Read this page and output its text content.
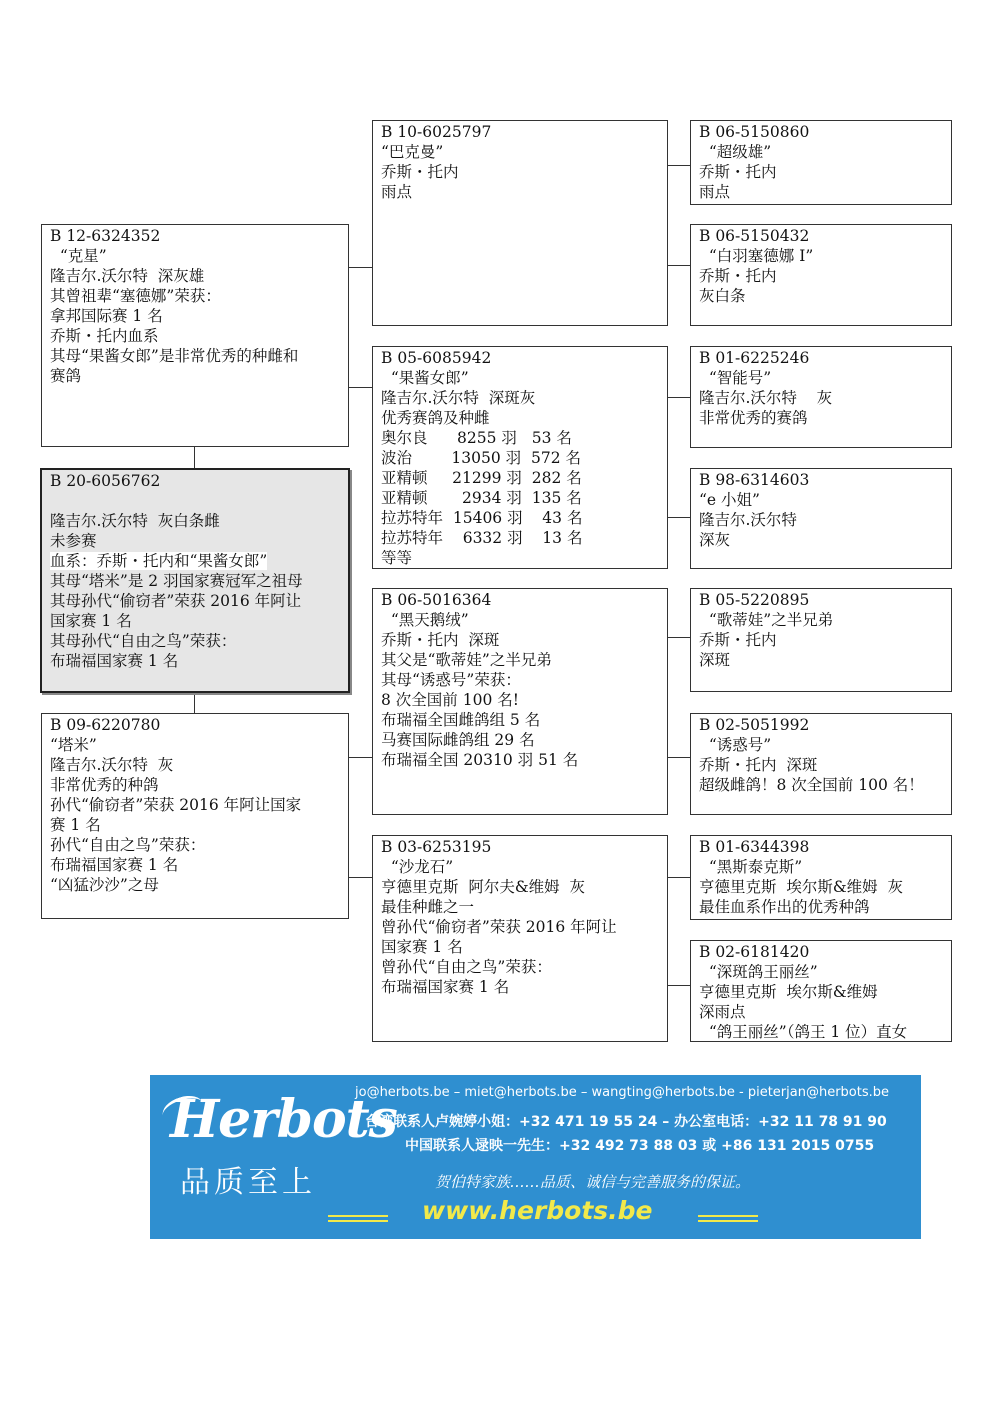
B 12-6324352
“克星”
隆吉尔.沃尔特  深灰雄
其曾祖辈“塞德娜”荣获：
拿邦国际赛 1 名
乔斯・托内血系
其母“果酱女郎”是非常优秀的种雌和
赛鸽
B 20-6056762
隆吉尔.沃尔特  灰白条雌
未参赛
血系：乔斯・托内和“果酱女郎”
其母“塔米”是 2 羽国家赛冠军之祖母
其母孙代“偷窃者”荣获 2016 年阿让
国家赛 1 名
其母孙代“自由之鸟”荣获：
布瑞福国家赛 1 名
B 09-6220780
“塔米”
隆吉尔.沃尔特  灰
非常优秀的种鸽
孙代“偷窃者”荣获 2016 年阿让国家
赛 1 名
孙代“自由之鸟”荣获：
布瑞福国家赛 1 名
“凶猛沙沙”之母
B 10-6025797
“巴克曼”
乔斯・托内
雨点
B 05-6085942
“果酱女郎”
隆吉尔.沃尔特  深斑灰
优秀赛鸽及种雌
奥尔良      8255 羽   53 名
波治        13050 羽  572 名
亚精顿     21299 羽  282 名
亚精顿       2934 羽  135 名
拉苏特年  15406 羽    43 名
拉苏特年    6332 羽    13 名
等等
B 06-5016364
“黑天鹅绒”
乔斯・托内  深斑
其父是“歌蒂娃”之半兄弟
其母“诱惑号”荣获：
8 次全国前 100 名!
布瑞福全国雌鸽组 5 名
马赛国际雌鸽组 29 名
布瑞福全国 20310 羽 51 名
B 03-6253195
“沙龙石”
亨德里克斯  阿尔夫&维姆  灰
最佳种雌之一
曾孙代“偷窃者”荣获 2016 年阿让
国家赛 1 名
曾孙代“自由之鸟”荣获：
布瑞福国家赛 1 名
B 06-5150860
“超级雄”
乔斯・托内
雨点
B 06-5150432
“白羽塞德娜 I”
乔斯・托内
灰白条
B 01-6225246
“智能号”
隆吉尔.沃尔特    灰
非常优秀的赛鸽
B 98-6314603
“e 小姐”
隆吉尔.沃尔特
深灰
B 05-5220895
“歌蒂娃”之半兄弟
乔斯・托内
深斑
B 02-5051992
“诱惑号”
乔斯・托内  深斑
超级雌鸽！8 次全国前 100 名！
B 01-6344398
“黑斯泰克斯”
亨德里克斯  埃尔斯&维姆  灰
最佳血系作出的优秀种鸽
B 02-6181420
“深斑鸽王丽丝”
亨德里克斯  埃尔斯&维姆
深雨点
“鸽王丽丝”（鸽王 1 位）直女
Herbots
品质至上
jo@herbots.be – miet@herbots.be – wangting@herbots.be - pieterjan@herbots.be
台湾联系人卢婉婷小姐：+32 471 19 55 24 – 办公室电话：+32 11 78 91 90
中国联系人逯映一先生：+32 492 73 88 03 或 +86 131 2015 0755
贺伯特家族……品质、诚信与完善服务的保证。
www.herbots.be
